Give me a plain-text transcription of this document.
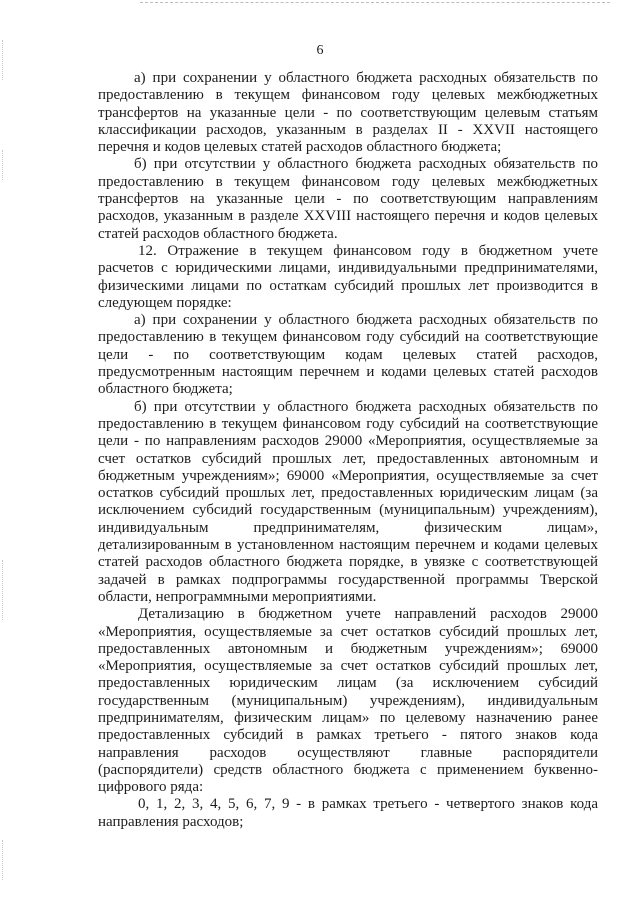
6

а) при сохранении у областного бюджета расходных обязательств по предоставлению в текущем финансовом году целевых межбюджетных трансфертов на указанные цели - по соответствующим целевым статьям классификации расходов, указанным в разделах II - XXVII настоящего перечня и кодов целевых статей расходов областного бюджета;

б) при отсутствии у областного бюджета расходных обязательств по предоставлению в текущем финансовом году целевых межбюджетных трансфертов на указанные цели - по соответствующим направлениям расходов, указанным в разделе XXVIII настоящего перечня и кодов целевых статей расходов областного бюджета.

12. Отражение в текущем финансовом году в бюджетном учете расчетов с юридическими лицами, индивидуальными предпринимателями, физическими лицами по остаткам субсидий прошлых лет производится в следующем порядке:

а) при сохранении у областного бюджета расходных обязательств по предоставлению в текущем финансовом году субсидий на соответствующие цели - по соответствующим кодам целевых статей расходов, предусмотренным настоящим перечнем и кодами целевых статей расходов областного бюджета;

б) при отсутствии у областного бюджета расходных обязательств по предоставлению в текущем финансовом году субсидий на соответствующие цели - по направлениям расходов 29000 «Мероприятия, осуществляемые за счет остатков субсидий прошлых лет, предоставленных автономным и бюджетным учреждениям»; 69000 «Мероприятия, осуществляемые за счет остатков субсидий прошлых лет, предоставленных юридическим лицам (за исключением субсидий государственным (муниципальным) учреждениям), индивидуальным предпринимателям, физическим лицам», детализированным в установленном настоящим перечнем и кодами целевых статей расходов областного бюджета порядке, в увязке с соответствующей задачей в рамках подпрограммы государственной программы Тверской области, непрограммными мероприятиями.

Детализацию в бюджетном учете направлений расходов 29000 «Мероприятия, осуществляемые за счет остатков субсидий прошлых лет, предоставленных автономным и бюджетным учреждениям»; 69000 «Мероприятия, осуществляемые за счет остатков субсидий прошлых лет, предоставленных юридическим лицам (за исключением субсидий государственным (муниципальным) учреждениям), индивидуальным предпринимателям, физическим лицам» по целевому назначению ранее предоставленных субсидий в рамках третьего - пятого знаков кода направления расходов осуществляют главные распорядители (распорядители) средств областного бюджета с применением буквенно-цифрового ряда:

0, 1, 2, 3, 4, 5, 6, 7, 9 - в рамках третьего - четвертого знаков кода направления расходов;
